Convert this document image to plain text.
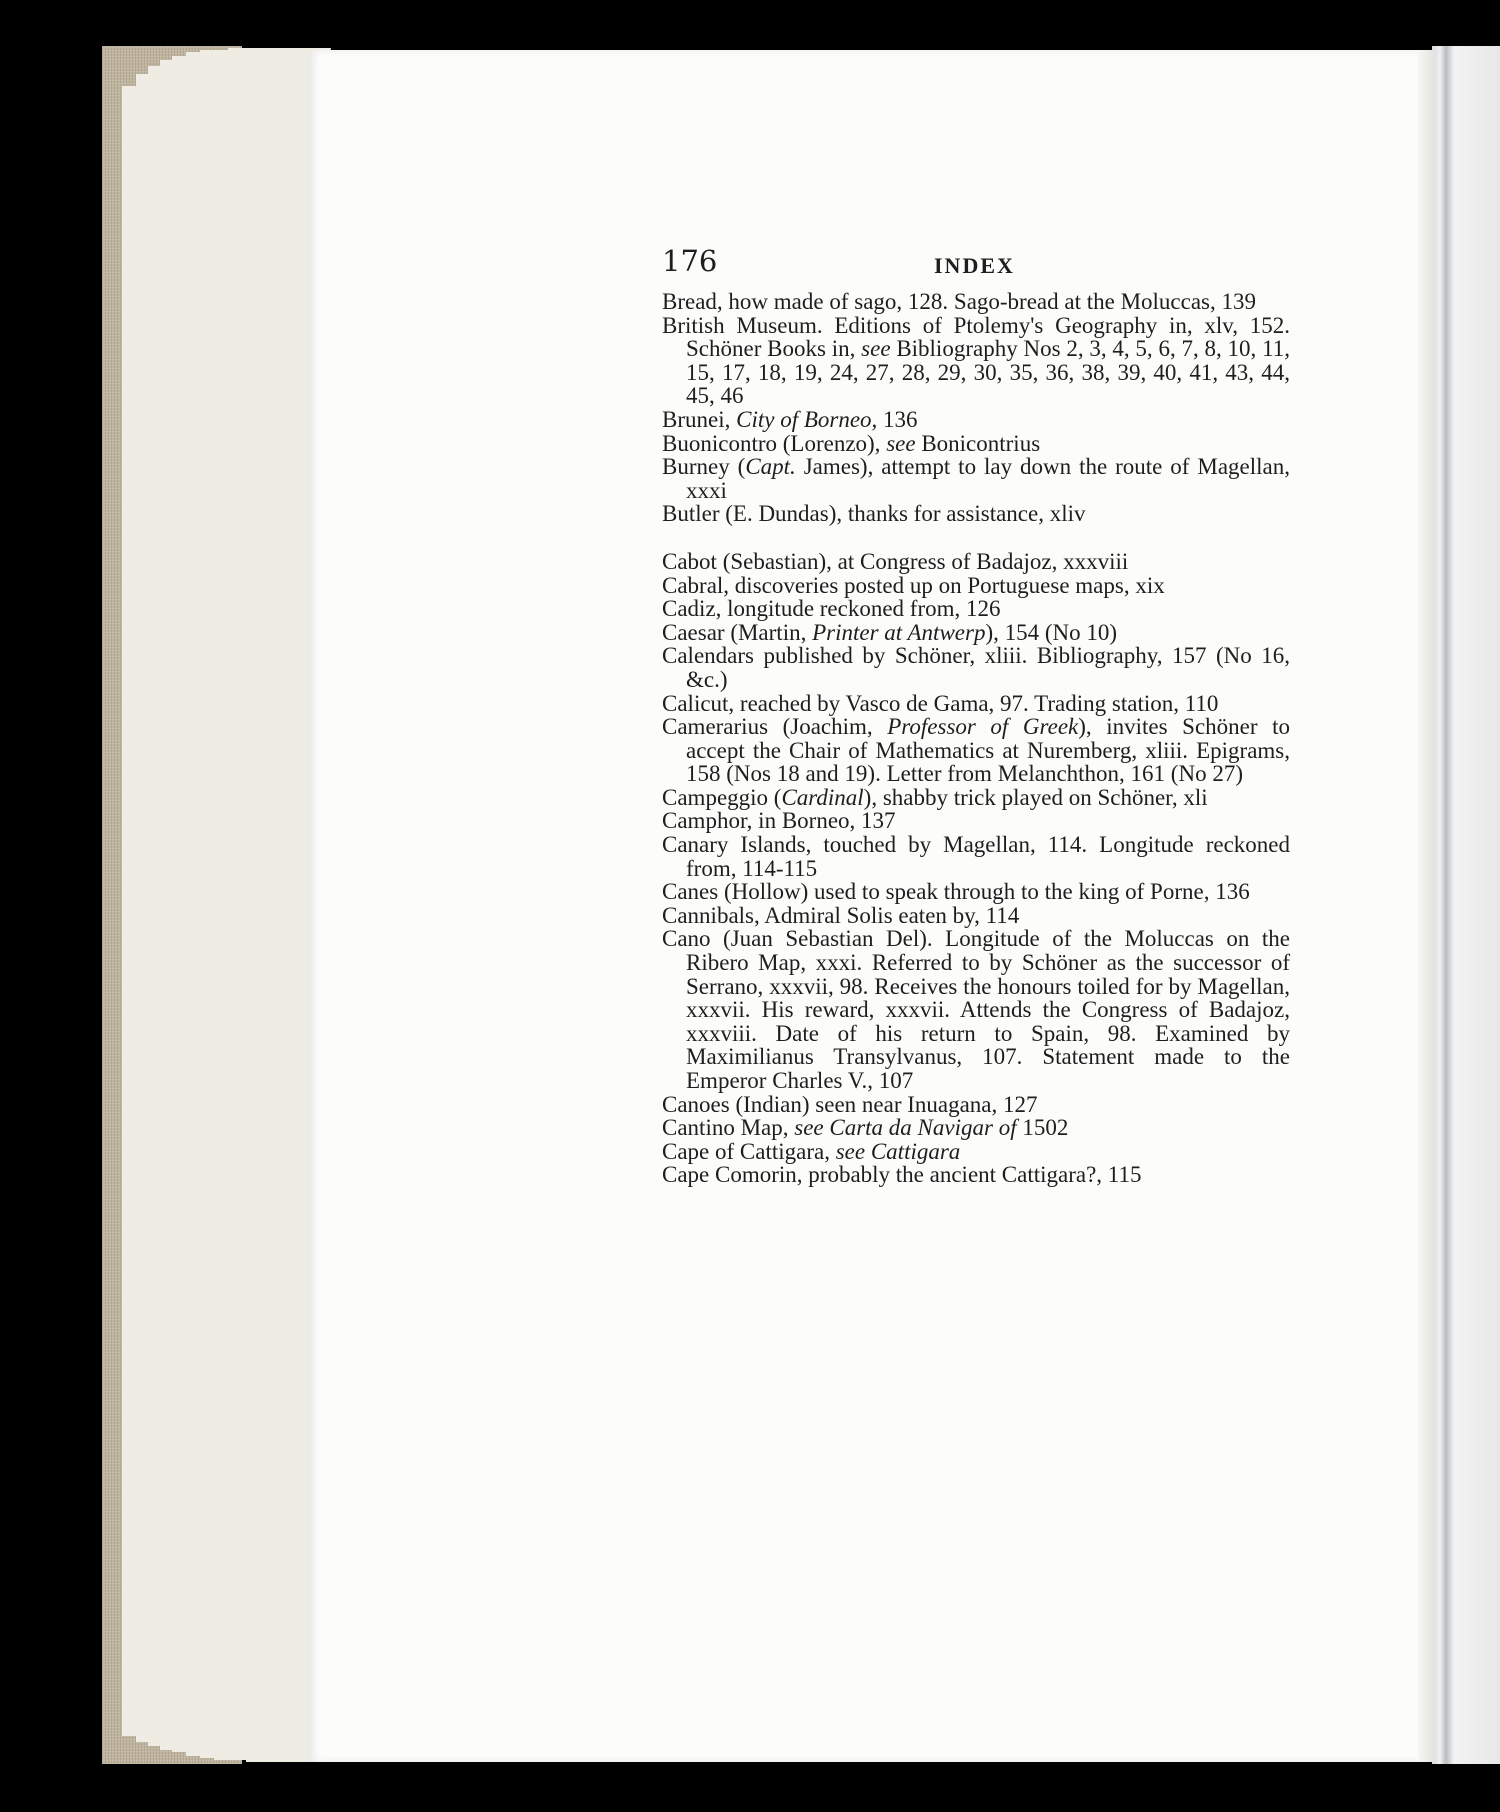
176	INDEX

Bread, how made of sago, 128. Sago-bread at the Moluccas, 139

British Museum. Editions of Ptolemy's Geography in, xlv, 152. Schöner Books in, see Bibliography Nos 2, 3, 4, 5, 6, 7, 8, 10, 11, 15, 17, 18, 19, 24, 27, 28, 29, 30, 35, 36, 38, 39, 40, 41, 43, 44, 45, 46

Brunei, City of Borneo, 136

Buonicontro (Lorenzo), see Bonicontrius

Burney (Capt. James), attempt to lay down the route of Magellan, xxxi

Butler (E. Dundas), thanks for assistance, xliv

Cabot (Sebastian), at Congress of Badajoz, xxxviii

Cabral, discoveries posted up on Portuguese maps, xix

Cadiz, longitude reckoned from, 126

Caesar (Martin, Printer at Antwerp), 154 (No 10)

Calendars published by Schöner, xliii. Bibliography, 157 (No 16, &c.)

Calicut, reached by Vasco de Gama, 97. Trading station, 110

Camerarius (Joachim, Professor of Greek), invites Schöner to accept the Chair of Mathematics at Nuremberg, xliii. Epigrams, 158 (Nos 18 and 19). Letter from Melanchthon, 161 (No 27)

Campeggio (Cardinal), shabby trick played on Schöner, xli

Camphor, in Borneo, 137

Canary Islands, touched by Magellan, 114. Longitude reckoned from, 114-115

Canes (Hollow) used to speak through to the king of Porne, 136

Cannibals, Admiral Solis eaten by, 114

Cano (Juan Sebastian Del). Longitude of the Moluccas on the Ribero Map, xxxi. Referred to by Schöner as the successor of Serrano, xxxvii, 98. Receives the honours toiled for by Magellan, xxxvii. His reward, xxxvii. Attends the Congress of Badajoz, xxxviii. Date of his return to Spain, 98. Examined by Maximilianus Transylvanus, 107. Statement made to the Emperor Charles V., 107

Canoes (Indian) seen near Inuagana, 127

Cantino Map, see Carta da Navigar of 1502

Cape of Cattigara, see Cattigara

Cape Comorin, probably the ancient Cattigara?, 115
